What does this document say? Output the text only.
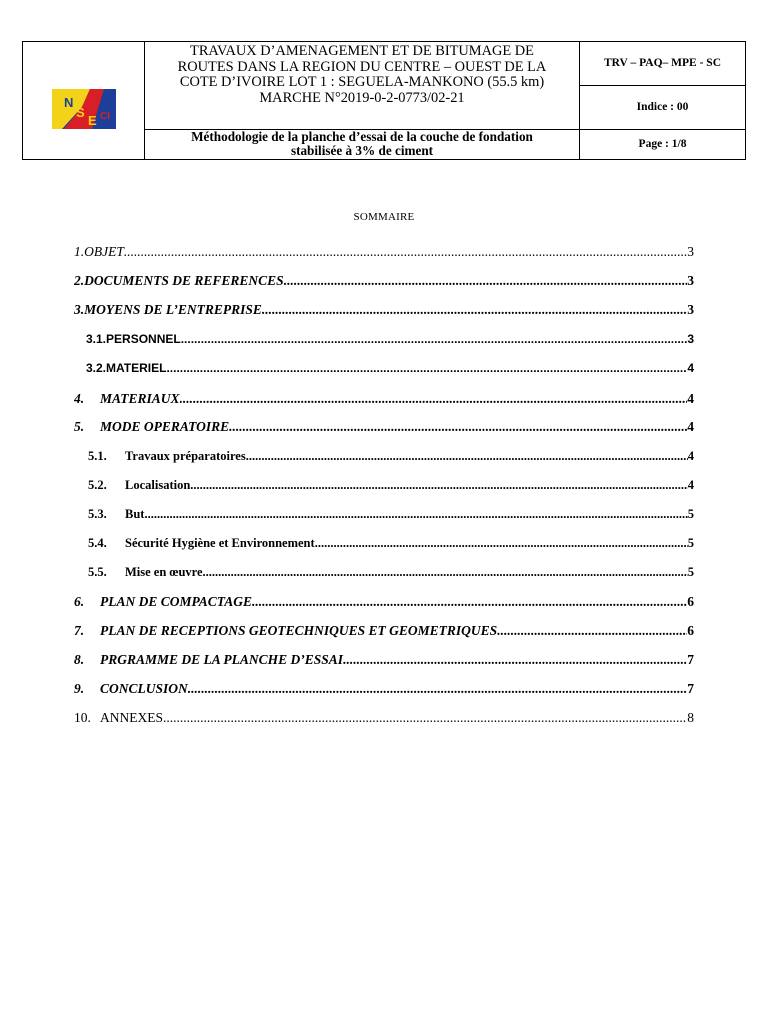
N
S
E CI
TRAVAUX D’AMENAGEMENT ET DE BITUMAGE DE
ROUTES DANS LA REGION DU CENTRE – OUEST DE LA
COTE D’IVOIRE LOT 1 : SEGUELA-MANKONO (55.5 km)
MARCHE N°2019-0-2-0773/02-21
Méthodologie de la planche d’essai de la couche de fondation
stabilisée à 3% de ciment
TRV – PAQ– MPE - SC
Indice : 00
Page : 1/8
SOMMAIRE
1. OBJET .....	3
2. DOCUMENTS DE REFERENCES .....	3
3. MOYENS DE L’ENTREPRISE .....	3
3.1. PERSONNEL .....	3
3.2. MATERIEL .....	4
4.	MATERIAUX .....	4
5.	MODE OPERATOIRE .....	4
5.1.	Travaux préparatoires .....	4
5.2.	Localisation .....	4
5.3.	But .....	5
5.4.	Sécurité Hygiène et Environnement .....	5
5.5.	Mise en œuvre .....	5
6.	PLAN DE COMPACTAGE .....	6
7.	PLAN DE RECEPTIONS GEOTECHNIQUES ET GEOMETRIQUES .....	6
8.	PRGRAMME DE LA PLANCHE D’ESSAI .....	7
9.	CONCLUSION .....	7
10. ANNEXES .....	8
